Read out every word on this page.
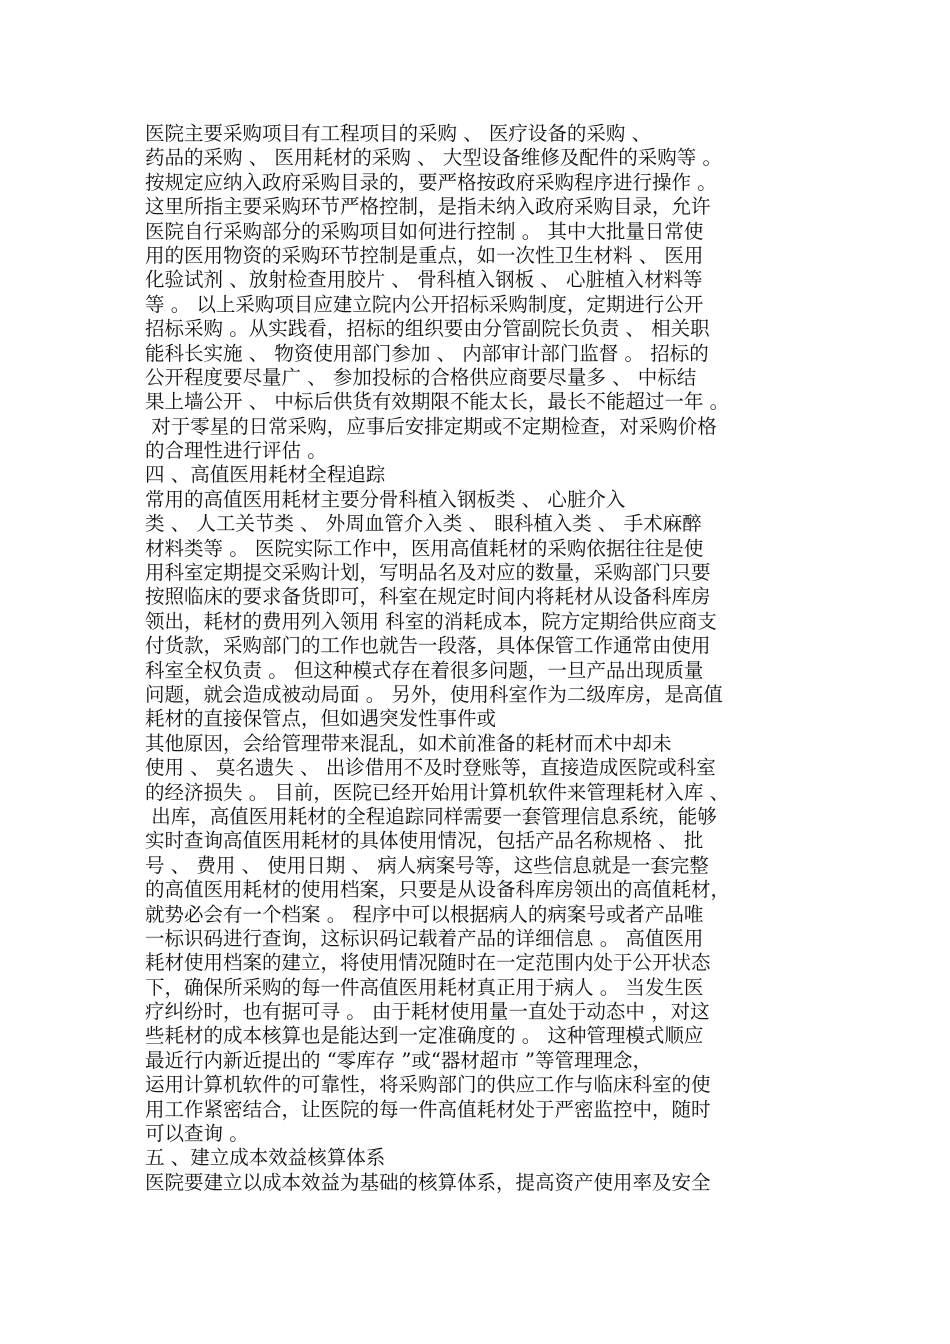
医院主要采购项目有工程项目的采购 、 医疗设备的采购 、
药品的采购 、 医用耗材的采购 、 大型设备维修及配件的采购等 。
按规定应纳入政府采购目录的，要严格按政府采购程序进行操作 。
这里所指主要采购环节严格控制，是指未纳入政府采购目录，允许
医院自行采购部分的采购项目如何进行控制 。 其中大批量日常使
用的医用物资的采购环节控制是重点，如一次性卫生材料 、 医用
化验试剂 、放射检查用胶片 、 骨科植入钢板 、 心脏植入材料等
等 。 以上采购项目应建立院内公开招标采购制度，定期进行公开
招标采购 。从实践看，招标的组织要由分管副院长负责 、 相关职
能科长实施 、 物资使用部门参加 、 内部审计部门监督 。 招标的
公开程度要尽量广 、 参加投标的合格供应商要尽量多 、 中标结
果上墙公开 、 中标后供货有效期限不能太长，最长不能超过一年 。
对于零星的日常采购，应事后安排定期或不定期检查，对采购价格
的合理性进行评估 。
四 、高值医用耗材全程追踪
常用的高值医用耗材主要分骨科植入钢板类 、 心脏介入
类 、 人工关节类 、 外周血管介入类 、 眼科植入类 、 手术麻醉
材料类等 。 医院实际工作中，医用高值耗材的采购依据往往是使
用科室定期提交采购计划，写明品名及对应的数量，采购部门只要
按照临床的要求备货即可，科室在规定时间内将耗材从设备科库房
领出，耗材的费用列入领用 科室的消耗成本，院方定期给供应商支
付货款，采购部门的工作也就告一段落，具体保管工作通常由使用
科室全权负责 。 但这种模式存在着很多问题，一旦产品出现质量
问题，就会造成被动局面 。 另外，使用科室作为二级库房，是高值
耗材的直接保管点，但如遇突发性事件或
其他原因，会给管理带来混乱，如术前准备的耗材而术中却未
使用 、 莫名遗失 、 出诊借用不及时登账等，直接造成医院或科室
的经济损失 。 目前，医院已经开始用计算机软件来管理耗材入库 、
出库，高值医用耗材的全程追踪同样需要一套管理信息系统，能够
实时查询高值医用耗材的具体使用情况，包括产品名称规格 、 批
号 、 费用 、 使用日期 、 病人病案号等，这些信息就是一套完整
的高值医用耗材的使用档案，只要是从设备科库房领出的高值耗材，
就势必会有一个档案 。 程序中可以根据病人的病案号或者产品唯
一标识码进行查询，这标识码记载着产品的详细信息 。 高值医用
耗材使用档案的建立，将使用情况随时在一定范围内处于公开状态
下，确保所采购的每一件高值医用耗材真正用于病人 。 当发生医
疗纠纷时，也有据可寻 。 由于耗材使用量一直处于动态中 ，对这
些耗材的成本核算也是能达到一定准确度的 。 这种管理模式顺应
最近行内新近提出的 “零库存 ”或“器材超市 ”等管理理念，
运用计算机软件的可靠性，将采购部门的供应工作与临床科室的使
用工作紧密结合，让医院的每一件高值耗材处于严密监控中，随时
可以查询 。
五 、建立成本效益核算体系
医院要建立以成本效益为基础的核算体系，提高资产使用率及安全
